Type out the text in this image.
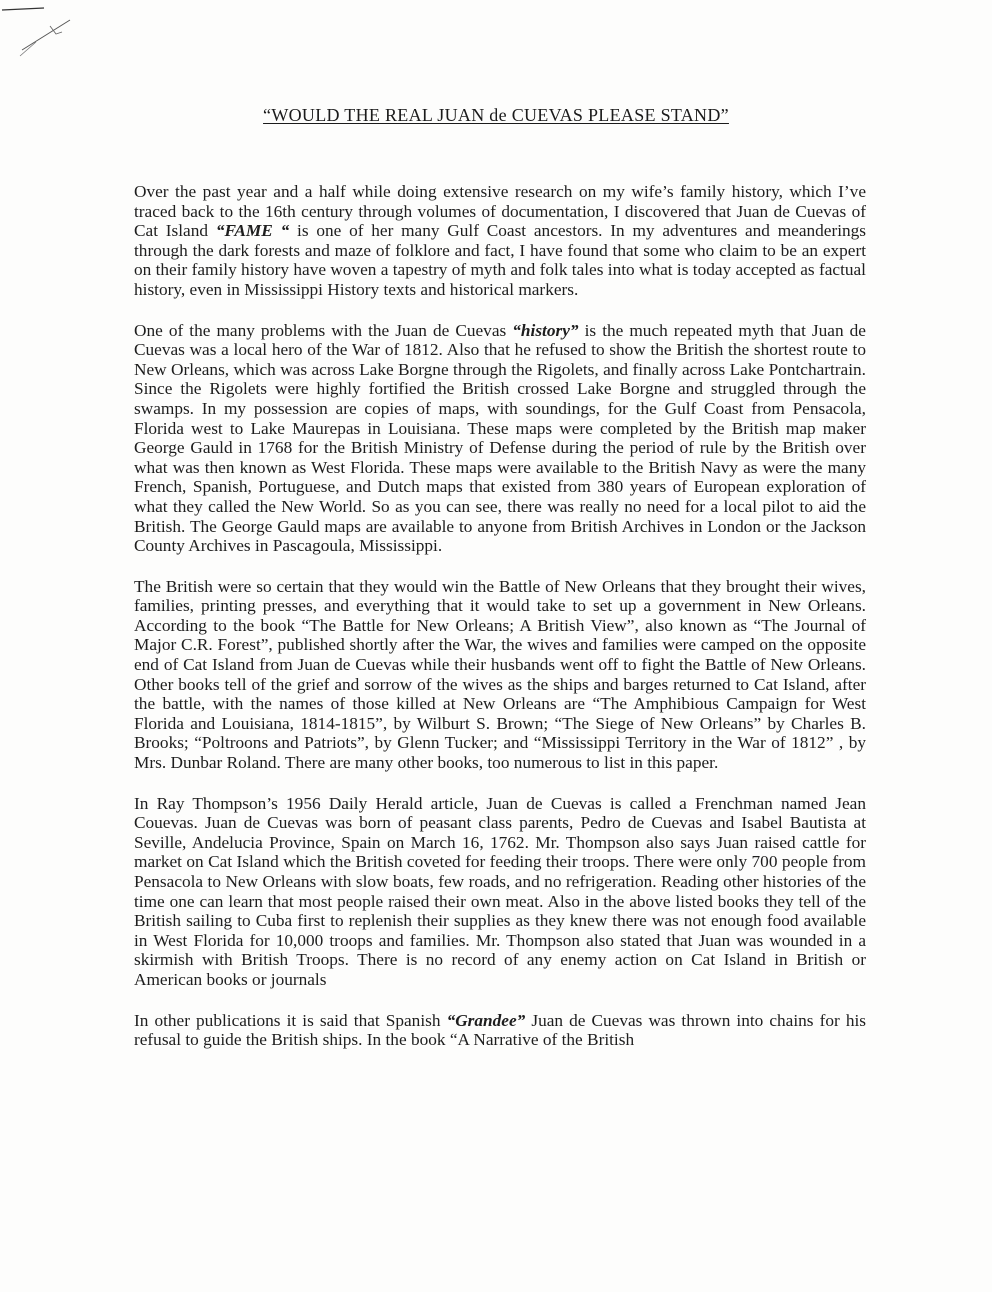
“WOULD THE REAL JUAN de CUEVAS PLEASE STAND”

Over the past year and a half while doing extensive research on my wife’s family history, which I’ve traced back to the 16th century through volumes of documentation, I discovered that Juan de Cuevas of Cat Island “FAME “ is one of her many Gulf Coast ancestors. In my adventures and meanderings through the dark forests and maze of folklore and fact, I have found that some who claim to be an expert on their family history have woven a tapestry of myth and folk tales into what is today accepted as factual history, even in Mississippi History texts and historical markers.

One of the many problems with the Juan de Cuevas “history” is the much repeated myth that Juan de Cuevas was a local hero of the War of 1812. Also that he refused to show the British the shortest route to New Orleans, which was across Lake Borgne through the Rigolets, and finally across Lake Pontchartrain. Since the Rigolets were highly fortified the British crossed Lake Borgne and struggled through the swamps. In my possession are copies of maps, with soundings, for the Gulf Coast from Pensacola, Florida west to Lake Maurepas in Louisiana. These maps were completed by the British map maker George Gauld in 1768 for the British Ministry of Defense during the period of rule by the British over what was then known as West Florida. These maps were available to the British Navy as were the many French, Spanish, Portuguese, and Dutch maps that existed from 380 years of European exploration of what they called the New World. So as you can see, there was really no need for a local pilot to aid the British. The George Gauld maps are available to anyone from British Archives in London or the Jackson County Archives in Pascagoula, Mississippi.

The British were so certain that they would win the Battle of New Orleans that they brought their wives, families, printing presses, and everything that it would take to set up a government in New Orleans. According to the book “The Battle for New Orleans; A British View”, also known as “The Journal of Major C.R. Forest”, published shortly after the War, the wives and families were camped on the opposite end of Cat Island from Juan de Cuevas while their husbands went off to fight the Battle of New Orleans. Other books tell of the grief and sorrow of the wives as the ships and barges returned to Cat Island, after the battle, with the names of those killed at New Orleans are “The Amphibious Campaign for West Florida and Louisiana, 1814-1815”, by Wilburt S. Brown; “The Siege of New Orleans” by Charles B. Brooks; “Poltroons and Patriots”, by Glenn Tucker; and “Mississippi Territory in the War of 1812” , by Mrs. Dunbar Roland. There are many other books, too numerous to list in this paper.

In Ray Thompson’s 1956 Daily Herald article, Juan de Cuevas is called a Frenchman named Jean Couevas. Juan de Cuevas was born of peasant class parents, Pedro de Cuevas and Isabel Bautista at Seville, Andelucia Province, Spain on March 16, 1762. Mr. Thompson also says Juan raised cattle for market on Cat Island which the British coveted for feeding their troops. There were only 700 people from Pensacola to New Orleans with slow boats, few roads, and no refrigeration. Reading other histories of the time one can learn that most people raised their own meat. Also in the above listed books they tell of the British sailing to Cuba first to replenish their supplies as they knew there was not enough food available in West Florida for 10,000 troops and families. Mr. Thompson also stated that Juan was wounded in a skirmish with British Troops. There is no record of any enemy action on Cat Island in British or American books or journals

In other publications it is said that Spanish “Grandee” Juan de Cuevas was thrown into chains for his refusal to guide the British ships. In the book “A Narrative of the British
